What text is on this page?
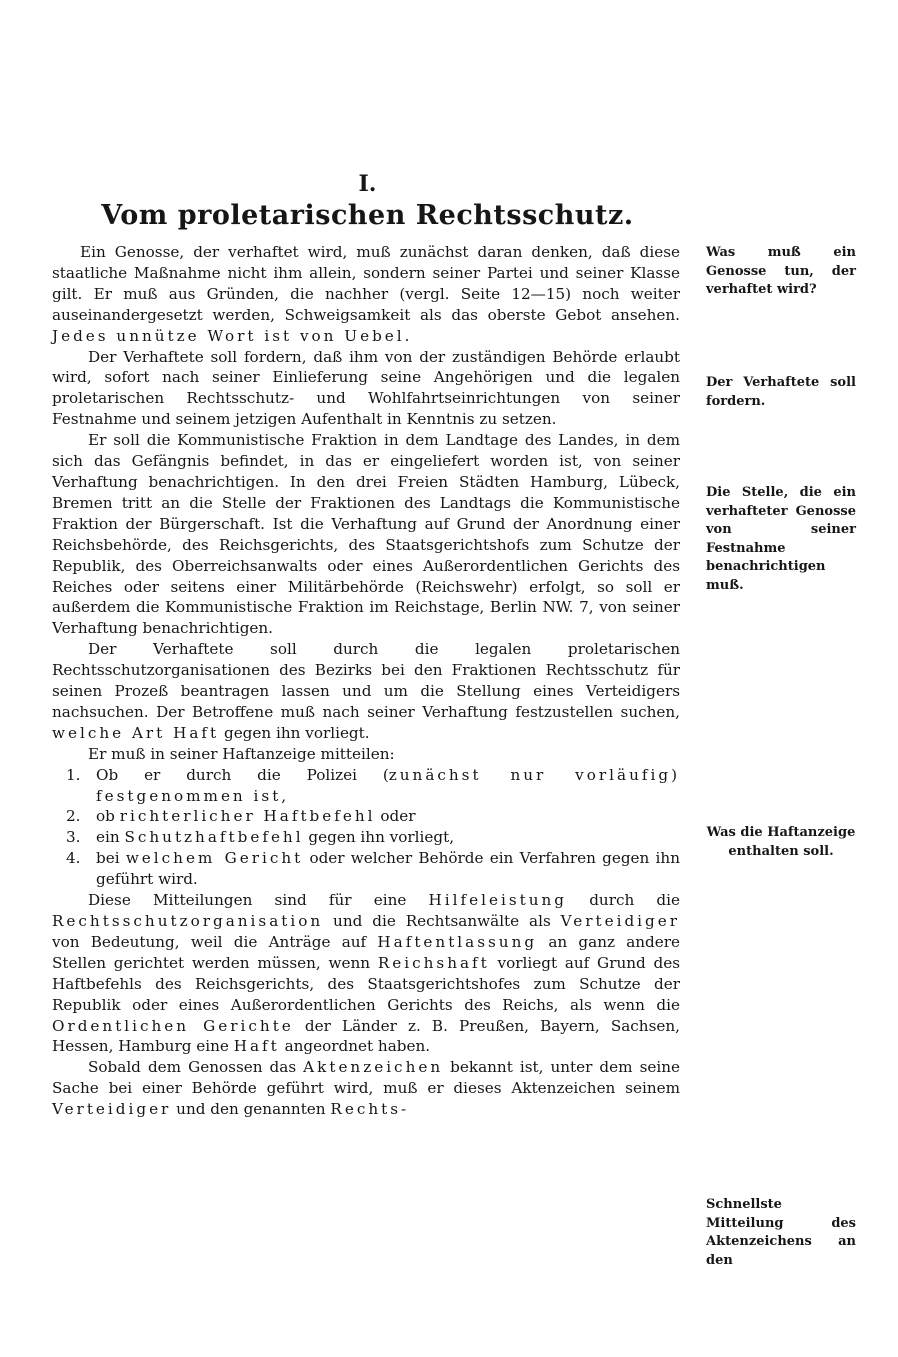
I.
Vom proletarischen Rechtsschutz.

Ein Genosse, der verhaftet wird, muß zunächst daran denken, daß diese staatliche Maßnahme nicht ihm allein, sondern seiner Partei und seiner Klasse gilt. Er muß aus Gründen, die nachher (vergl. Seite 12—15) noch weiter auseinandergesetzt werden, Schweigsamkeit als das oberste Gebot ansehen. Jedes unnütze Wort ist von Uebel.

Der Verhaftete soll fordern, daß ihm von der zuständigen Behörde erlaubt wird, sofort nach seiner Einlieferung seine Angehörigen und die legalen proletarischen Rechtsschutz- und Wohlfahrtseinrichtungen von seiner Festnahme und seinem jetzigen Aufenthalt in Kenntnis zu setzen.

Er soll die Kommunistische Fraktion in dem Landtage des Landes, in dem sich das Gefängnis befindet, in das er eingeliefert worden ist, von seiner Verhaftung benachrichtigen. In den drei Freien Städten Hamburg, Lübeck, Bremen tritt an die Stelle der Fraktionen des Landtags die Kommunistische Fraktion der Bürgerschaft. Ist die Verhaftung auf Grund der Anordnung einer Reichsbehörde, des Reichsgerichts, des Staatsgerichtshofs zum Schutze der Republik, des Oberreichsanwalts oder eines Außerordentlichen Gerichts des Reiches oder seitens einer Militärbehörde (Reichswehr) erfolgt, so soll er außerdem die Kommunistische Fraktion im Reichstage, Berlin NW. 7, von seiner Verhaftung benachrichtigen.

Der Verhaftete soll durch die legalen proletarischen Rechtsschutzorganisationen des Bezirks bei den Fraktionen Rechtsschutz für seinen Prozeß beantragen lassen und um die Stellung eines Verteidigers nachsuchen. Der Betroffene muß nach seiner Verhaftung festzustellen suchen, welche Art Haft gegen ihn vorliegt.

Er muß in seiner Haftanzeige mitteilen:

1. Ob er durch die Polizei (zunächst nur vorläufig) festgenommen ist,
2. ob richterlicher Haftbefehl oder
3. ein Schutzhaftbefehl gegen ihn vorliegt,
4. bei welchem Gericht oder welcher Behörde ein Verfahren gegen ihn geführt wird.

Diese Mitteilungen sind für eine Hilfeleistung durch die Rechtsschutzorganisation und die Rechtsanwälte als Verteidiger von Bedeutung, weil die Anträge auf Haftentlassung an ganz andere Stellen gerichtet werden müssen, wenn Reichshaft vorliegt auf Grund des Haftbefehls des Reichsgerichts, des Staatsgerichtshofes zum Schutze der Republik oder eines Außerordentlichen Gerichts des Reichs, als wenn die Ordentlichen Gerichte der Länder z. B. Preußen, Bayern, Sachsen, Hessen, Hamburg eine Haft angeordnet haben.

Sobald dem Genossen das Aktenzeichen bekannt ist, unter dem seine Sache bei einer Behörde geführt wird, muß er dieses Aktenzeichen seinem Verteidiger und den genannten Rechts-

Was muß ein Genosse tun, der verhaftet wird?
Der Verhaftete soll fordern.
Die Stelle, die ein verhafteter Genosse von seiner Festnahme benachrichtigen muß.
Was die Haftanzeige enthalten soll.
Schnellste Mitteilung des Aktenzeichens an den
